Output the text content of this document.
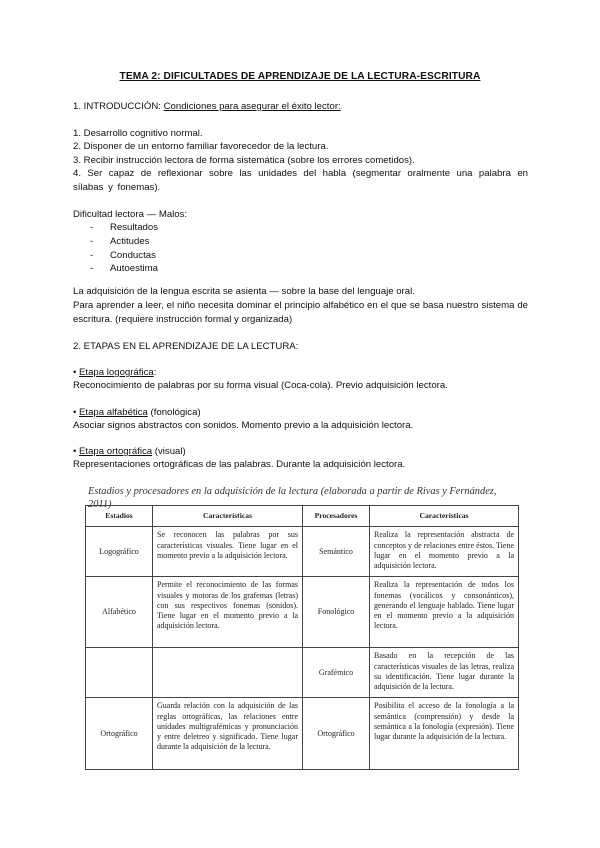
TEMA 2: DIFICULTADES DE APRENDIZAJE DE LA LECTURA-ESCRITURA
1. INTRODUCCIÓN: Condiciones para asegurar el éxito lector:
1. Desarrollo cognitivo normal.
2. Disponer de un entorno familiar favorecedor de la lectura.
3. Recibir instrucción lectora de forma sistemática (sobre los errores cometidos).
4. Ser capaz de reflexionar sobre las unidades del habla (segmentar oralmente una palabra en sílabas y fonemas).
Dificultad lectora — Malos:
- Resultados
- Actitudes
- Conductas
- Autoestima
La adquisición de la lengua escrita se asienta — sobre la base del lenguaje oral.
Para aprender a leer, el niño necesita dominar el principio alfabético en el que se basa nuestro sistema de escritura. (requiere instrucción formal y organizada)
2. ETAPAS EN EL APRENDIZAJE DE LA LECTURA:
• Etapa logográfica:
Reconocimiento de palabras por su forma visual (Coca-cola). Previo adquisición lectora.
• Etapa alfabética (fonológica)
Asociar signos abstractos con sonidos. Momento previo a la adquisición lectora.
• Etapa ortográfica (visual)
Representaciones ortográficas de las palabras. Durante la adquisición lectora.
Estadios y procesadores en la adquisición de la lectura (elaborada a partir de Rivas y Fernández, 2011)
Estadios	Características	Procesadores	Características
Logográfico	Se reconocen las palabras por sus características visuales. Tiene lugar en el momento previo a la adquisición lectora.	Semántico	Realiza la representación abstracta de conceptos y de relaciones entre éstos. Tiene lugar en el momento previo a la adquisición lectora.
Alfabético	Permite el reconocimiento de las formas visuales y motoras de los grafemas (letras) con sus respectivos fonemas (sonidos). Tiene lugar en el momento previo a la adquisición lectora.	Fonológico	Realiza la representación de todos los fonemas (vocálicos y consonánticos), generando el lenguaje hablado. Tiene lugar en el momento previo a la adquisición lectora.
		Grafémico	Basado en la recepción de las características visuales de las letras, realiza su identificación. Tiene lugar durante la adquisición de la lectura.
Ortográfico	Guarda relación con la adquisición de las reglas ortográficas, las relaciones entre unidades multigrafémicas y pronunciación y entre deletreo y significado. Tiene lugar durante la adquisición de la lectura.	Ortográfico	Posibilita el acceso de la fonología a la semántica (comprensión) y desde la semántica a la fonología (expresión). Tiene lugar durante la adquisición de la lectura.
